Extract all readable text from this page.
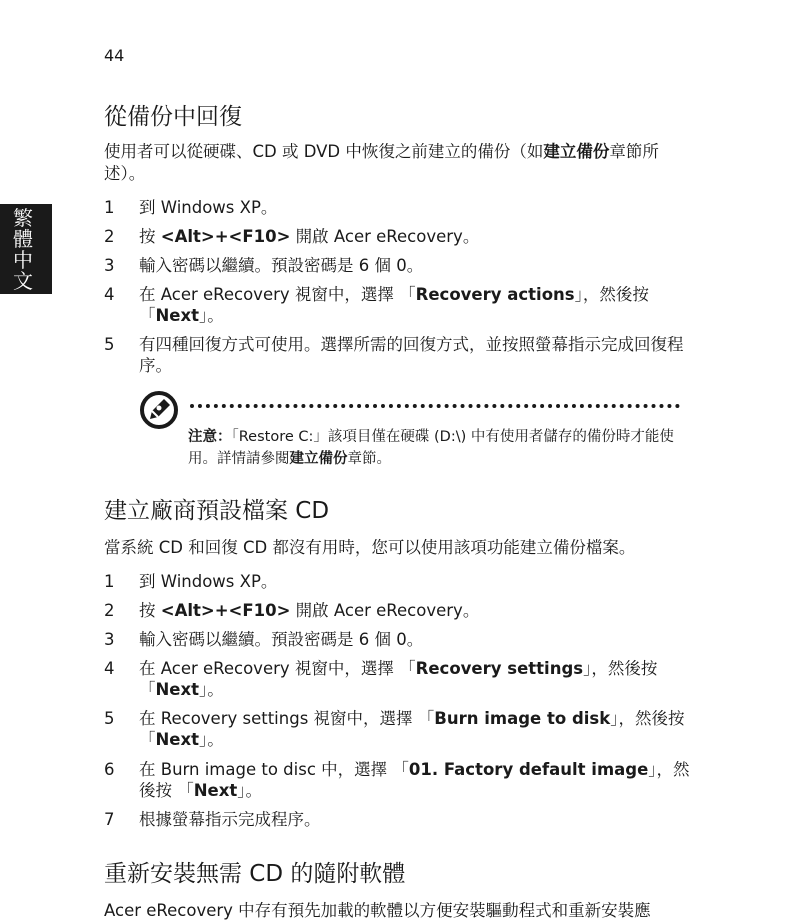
44
繁
體
中
文
從備份中回復

使用者可以從硬碟、CD 或 DVD 中恢復之前建立的備份（如建立備份章節所述）。

1 到 Windows XP。
2 按 <Alt>+<F10> 開啟 Acer eRecovery。
3 輸入密碼以繼續。預設密碼是 6 個 0。
4 在 Acer eRecovery 視窗中，選擇 「Recovery actions」，然後按 「Next」。
5 有四種回復方式可使用。選擇所需的回復方式，並按照螢幕指示完成回復程序。
注意：「Restore C:」該項目僅在硬碟 (D:\) 中有使用者儲存的備份時才能使用。詳情請參閱建立備份章節。
建立廠商預設檔案 CD

當系統 CD 和回復 CD 都沒有用時，您可以使用該項功能建立備份檔案。

1 到 Windows XP。
2 按 <Alt>+<F10> 開啟 Acer eRecovery。
3 輸入密碼以繼續。預設密碼是 6 個 0。
4 在 Acer eRecovery 視窗中，選擇 「Recovery settings」，然後按 「Next」。
5 在 Recovery settings 視窗中，選擇 「Burn image to disk」，然後按 「Next」。
6 在 Burn image to disc 中，選擇 「01. Factory default image」，然後按 「Next」。
7 根據螢幕指示完成程序。
重新安裝無需 CD 的隨附軟體

Acer eRecovery 中存有預先加載的軟體以方便安裝驅動程式和重新安裝應
